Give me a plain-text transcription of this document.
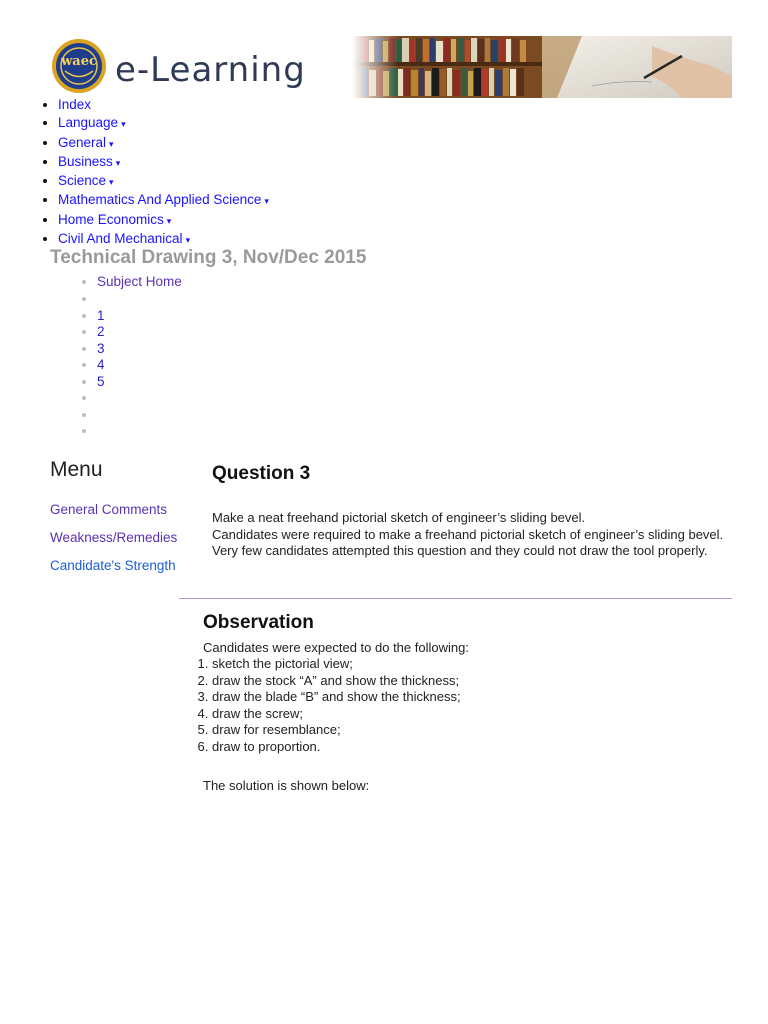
waec e-Learning
• Index
• Language ▾
• General ▾
• Business ▾
• Science ▾
• Mathematics And Applied Science ▾
• Home Economics ▾
• Civil And Mechanical ▾
Technical Drawing 3, Nov/Dec 2015
• Subject Home
•
• 1
• 2
• 3
• 4
• 5
•
•
•
Menu
General Comments
Weakness/Remedies
Candidate's Strength
Question 3

Make a neat freehand pictorial sketch of engineer’s sliding bevel.

Candidates were required to make a freehand pictorial sketch of engineer’s sliding bevel. Very few candidates attempted this question and they could not draw the tool properly.

Observation
Candidates were expected to do the following:
1. sketch the pictorial view;
2. draw the stock “A” and show the thickness;
3. draw the blade “B” and show the thickness;
4. draw the screw;
5. draw for resemblance;
6. draw to proportion.
The solution is shown below:
